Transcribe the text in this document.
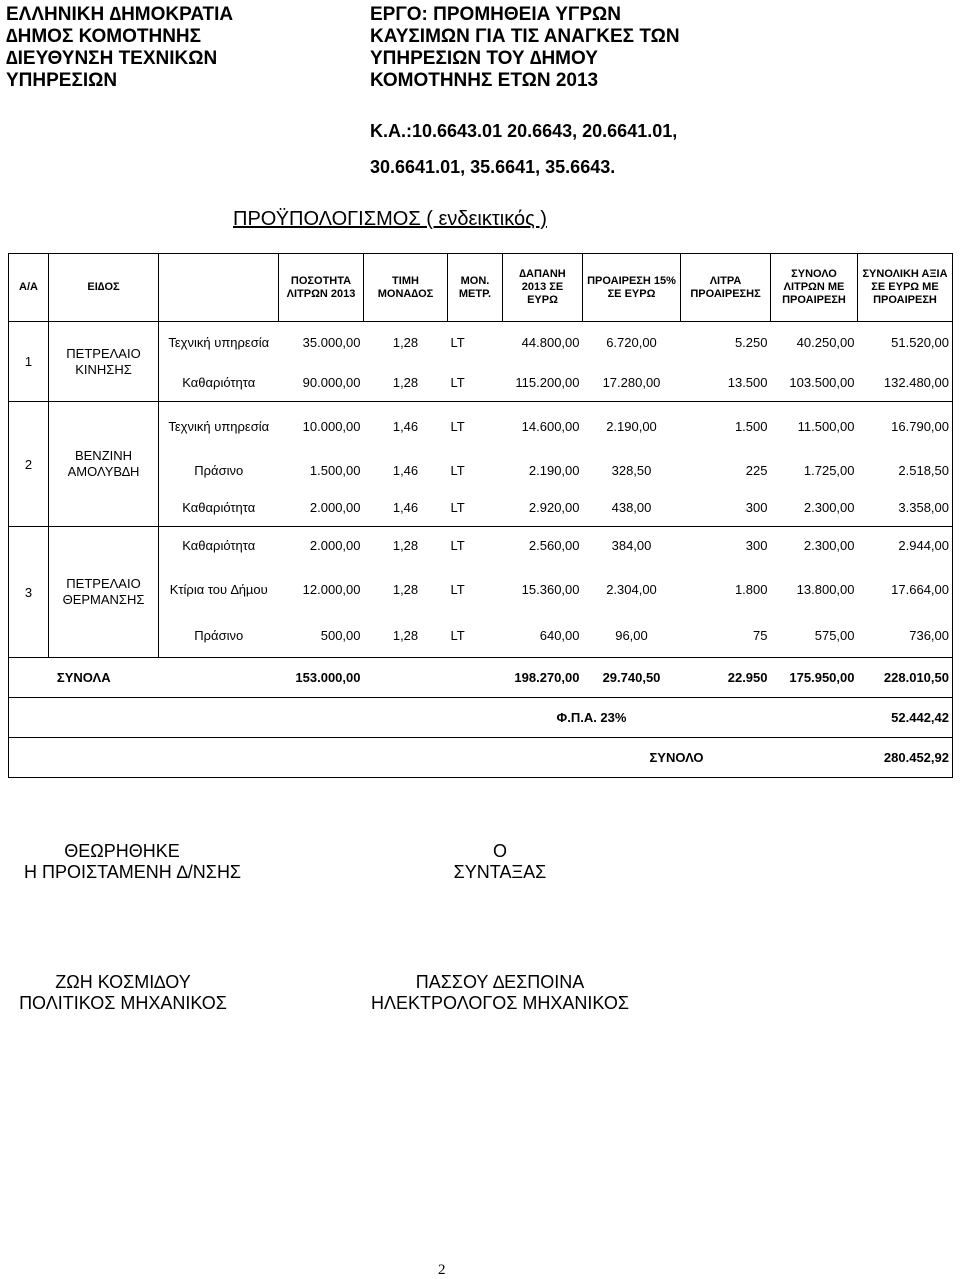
ΕΛΛΗΝΙΚΗ ∆ΗΜΟΚΡΑΤΙΑ
∆ΗΜΟΣ ΚΟΜΟΤΗΝΗΣ
∆ΙΕΥΘΥΝΣΗ ΤΕΧΝΙΚΩΝ
ΥΠΗΡΕΣΙΩΝ
ΕΡΓΟ: ΠΡΟΜΗΘΕΙΑ ΥΓΡΩΝ
ΚΑΥΣΙΜΩΝ ΓΙΑ ΤΙΣ ΑΝΑΓΚΕΣ ΤΩΝ
ΥΠΗΡΕΣΙΩΝ ΤΟΥ ∆ΗΜΟΥ
ΚΟΜΟΤΗΝΗΣ ΕΤΩΝ 2013
Κ.Α.:10.6643.01 20.6643, 20.6641.01,
30.6641.01, 35.6641, 35.6643.
ΠΡΟΫΠΟΛΟΓΙΣΜΟΣ ( ενδεικτικός )
Α/Α	ΕΙ∆ΟΣ		ΠΟΣΟΤΗΤΑ ΛΙΤΡΩΝ 2013	ΤΙΜΗ ΜΟΝΑ∆ΟΣ	ΜΟΝ. ΜΕΤΡ.	∆ΑΠΑΝΗ 2013 ΣΕ ΕΥΡΩ	ΠΡΟΑΙΡΕΣΗ 15% ΣΕ ΕΥΡΩ	ΛΙΤΡΑ ΠΡΟΑΙΡΕΣΗΣ	ΣΥΝΟΛΟ ΛΙΤΡΩΝ ΜΕ ΠΡΟΑΙΡΕΣΗ	ΣΥΝΟΛΙΚΗ ΑΞΙΑ ΣΕ ΕΥΡΩ ΜΕ ΠΡΟΑΙΡΕΣΗ
1	ΠΕΤΡΕΛΑΙΟ ΚΙΝΗΣΗΣ	Τεχνική υπηρεσία	35.000,00	1,28	LT	44.800,00	6.720,00	5.250	40.250,00	51.520,00
		Καθαριότητα	90.000,00	1,28	LT	115.200,00	17.280,00	13.500	103.500,00	132.480,00
2	ΒΕΝΖΙΝΗ ΑΜΟΛΥΒ∆Η	Τεχνική υπηρεσία	10.000,00	1,46	LT	14.600,00	2.190,00	1.500	11.500,00	16.790,00
		Πράσινο	1.500,00	1,46	LT	2.190,00	328,50	225	1.725,00	2.518,50
		Καθαριότητα	2.000,00	1,46	LT	2.920,00	438,00	300	2.300,00	3.358,00
3	ΠΕΤΡΕΛΑΙΟ ΘΕΡΜΑΝΣΗΣ	Καθαριότητα	2.000,00	1,28	LT	2.560,00	384,00	300	2.300,00	2.944,00
		Κτίρια του ∆ήµου	12.000,00	1,28	LT	15.360,00	2.304,00	1.800	13.800,00	17.664,00
		Πράσινο	500,00	1,28	LT	640,00	96,00	75	575,00	736,00
ΣΥΝΟΛΑ			153.000,00			198.270,00	29.740,50	22.950	175.950,00	228.010,50
						Φ.Π.Α. 23%				52.442,42
							ΣΥΝΟΛΟ			280.452,92
ΘΕΩΡΗΘΗΚΕ
Η ΠΡΟΙΣΤΑΜΕΝΗ ∆/ΝΣΗΣ
Ο
ΣΥΝΤΑΞΑΣ
ΖΩΗ ΚΟΣΜΙ∆ΟΥ
ΠΟΛΙΤΙΚΟΣ ΜΗΧΑΝΙΚΟΣ
ΠΑΣΣΟΥ ∆ΕΣΠΟΙΝΑ
ΗΛΕΚΤΡΟΛΟΓΟΣ ΜΗΧΑΝΙΚΟΣ
2
